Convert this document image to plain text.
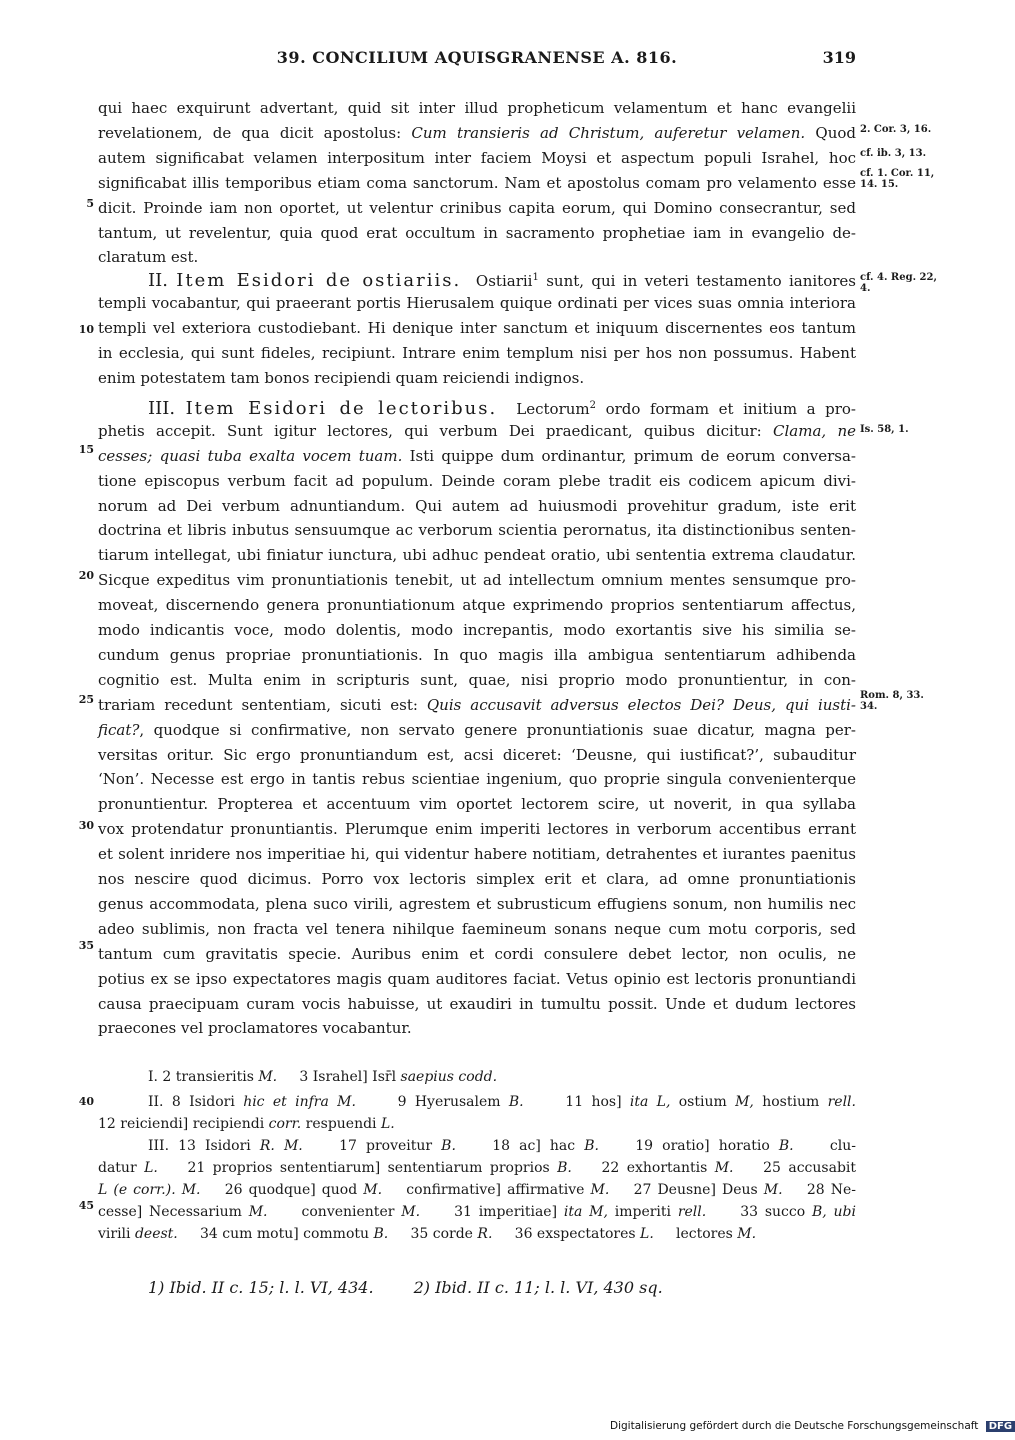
39. CONCILIUM AQUISGRANENSE A. 816.	319
qui haec exquirunt advertant, quid sit inter illud propheticum velamentum et hanc evangelii
revelationem, de qua dicit apostolus: Cum transieris ad Christum, auferetur velamen. Quod
autem significabat velamen interpositum inter faciem Moysi et aspectum populi Israhel, hoc
significabat illis temporibus etiam coma sanctorum. Nam et apostolus comam pro velamento esse
dicit. Proinde iam non oportet, ut velentur crinibus capita eorum, qui Domino consecrantur, sed
tantum, ut revelentur, quia quod erat occultum in sacramento prophetiae iam in evangelio de-
claratum est.
II. Item Esidori de ostiariis.  Ostiarii$^1$ sunt, qui in veteri testamento ianitores
templi vocabantur, qui praeerant portis Hierusalem quique ordinati per vices suas omnia interiora
templi vel exteriora custodiebant. Hi denique inter sanctum et iniquum discernentes eos tantum
in ecclesia, qui sunt fideles, recipiunt. Intrare enim templum nisi per hos non possumus. Habent
enim potestatem tam bonos recipiendi quam reiciendi indignos.
III. Item Esidori de lectoribus.  Lectorum$^2$ ordo formam et initium a pro-
phetis accepit. Sunt igitur lectores, qui verbum Dei praedicant, quibus dicitur: Clama, ne
cesses; quasi tuba exalta vocem tuam. Isti quippe dum ordinantur, primum de eorum conversa-
tione episcopus verbum facit ad populum. Deinde coram plebe tradit eis codicem apicum divi-
norum ad Dei verbum adnuntiandum. Qui autem ad huiusmodi provehitur gradum, iste erit
doctrina et libris inbutus sensuumque ac verborum scientia perornatus, ita distinctionibus senten-
tiarum intellegat, ubi finiatur iunctura, ubi adhuc pendeat oratio, ubi sententia extrema claudatur.
Sicque expeditus vim pronuntiationis tenebit, ut ad intellectum omnium mentes sensumque pro-
moveat, discernendo genera pronuntiationum atque exprimendo proprios sententiarum affectus,
modo indicantis voce, modo dolentis, modo increpantis, modo exortantis sive his similia se-
cundum genus propriae pronuntiationis. In quo magis illa ambigua sententiarum adhibenda
cognitio est. Multa enim in scripturis sunt, quae, nisi proprio modo pronuntientur, in con-
trariam recedunt sententiam, sicuti est: Quis accusavit adversus electos Dei? Deus, qui iusti-
ficat?, quodque si confirmative, non servato genere pronuntiationis suae dicatur, magna per-
versitas oritur. Sic ergo pronuntiandum est, acsi diceret: ‘Deusne, qui iustificat?’, subauditur
‘Non’. Necesse est ergo in tantis rebus scientiae ingenium, quo proprie singula convenienterque
pronuntientur. Propterea et accentuum vim oportet lectorem scire, ut noverit, in qua syllaba
vox protendatur pronuntiantis. Plerumque enim imperiti lectores in verborum accentibus errant
et solent inridere nos imperitiae hi, qui videntur habere notitiam, detrahentes et iurantes paenitus
nos nescire quod dicimus. Porro vox lectoris simplex erit et clara, ad omne pronuntiationis
genus accommodata, plena suco virili, agrestem et subrusticum effugiens sonum, non humilis nec
adeo sublimis, non fracta vel tenera nihilque faemineum sonans neque cum motu corporis, sed
tantum cum gravitatis specie. Auribus enim et cordi consulere debet lector, non oculis, ne
potius ex se ipso expectatores magis quam auditores faciat. Vetus opinio est lectoris pronuntiandi
causa praecipuam curam vocis habuisse, ut exaudiri in tumultu possit. Unde et dudum lectores
praecones vel proclamatores vocabantur.
5
10
15
20
25
30
35
40
45
2. Cor. 3, 16.
cf. ib. 3, 13.
cf. 1. Cor. 11, 14. 15.
cf. 4. Reg. 22, 4.
Is. 58, 1.
Rom. 8, 33. 34.
I. 2 transieritis M.     3 Israhel] Isr̄l saepius codd.
II. 8 Isidori hic et infra M.     9 Hyerusalem B.     11 hos] ita L, ostium M, hostium rell.
12 reiciendi] recipiendi corr. respuendi L.
III. 13 Isidori R. M.    17 proveitur B.    18 ac] hac B.    19 oratio] horatio B.    clu-
datur L.    21 proprios sententiarum] sententiarum proprios B.    22 exhortantis M.    25 accusabit
L (e corr.). M.    26 quodque] quod M.    confirmative] affirmative M.    27 Deusne] Deus M.    28 Ne-
cesse] Necessarium M.     convenienter M.     31 imperitiae] ita M, imperiti rell.     33 succo B, ubi
virili deest.     34 cum motu] commotu B.     35 corde R.     36 exspectatores L.     lectores M.
1) Ibid. II c. 15; l. l. VI, 434.	2) Ibid. II c. 11; l. l. VI, 430 sq.
Digitalisierung gefördert durch die Deutsche Forschungsgemeinschaft DFG
